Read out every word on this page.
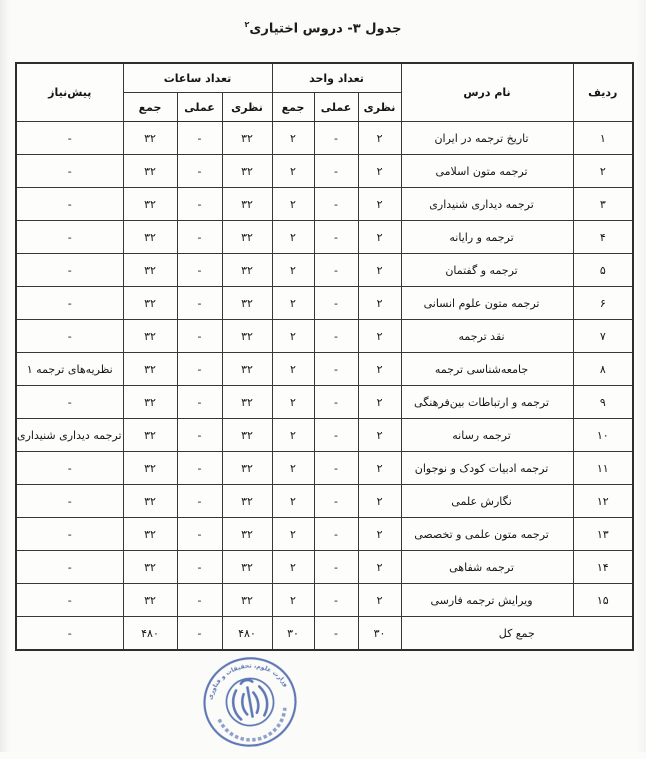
جدول ۳- دروس اختیاری$^۲$
ردیف	نام درس	تعداد واحد			تعداد ساعات			پیش‌نیاز
		نظری	عملی	جمع	نظری	عملی	جمع	
۱	تاریخ ترجمه در ایران	۲	-	۲	۳۲	-	۳۲	-
۲	ترجمه متون اسلامی	۲	-	۲	۳۲	-	۳۲	-
۳	ترجمه دیداری شنیداری	۲	-	۲	۳۲	-	۳۲	-
۴	ترجمه و رایانه	۲	-	۲	۳۲	-	۳۲	-
۵	ترجمه و گفتمان	۲	-	۲	۳۲	-	۳۲	-
۶	ترجمه متون علوم انسانی	۲	-	۲	۳۲	-	۳۲	-
۷	نقد ترجمه	۲	-	۲	۳۲	-	۳۲	-
۸	جامعه‌شناسی ترجمه	۲	-	۲	۳۲	-	۳۲	نظریه‌های ترجمه ۱
۹	ترجمه و ارتباطات بین‌فرهنگی	۲	-	۲	۳۲	-	۳۲	-
۱۰	ترجمه رسانه	۲	-	۲	۳۲	-	۳۲	ترجمه دیداری شنیداری
۱۱	ترجمه ادبیات کودک و نوجوان	۲	-	۲	۳۲	-	۳۲	-
۱۲	نگارش علمی	۲	-	۲	۳۲	-	۳۲	-
۱۳	ترجمه متون علمی و تخصصی	۲	-	۲	۳۲	-	۳۲	-
۱۴	ترجمه شفاهی	۲	-	۲	۳۲	-	۳۲	-
۱۵	ویرایش ترجمه فارسی	۲	-	۲	۳۲	-	۳۲	-
جمع کل		۳۰	-	۳۰	۴۸۰	-	۴۸۰	-
وزارت علوم، تحقیقات و فناوری
